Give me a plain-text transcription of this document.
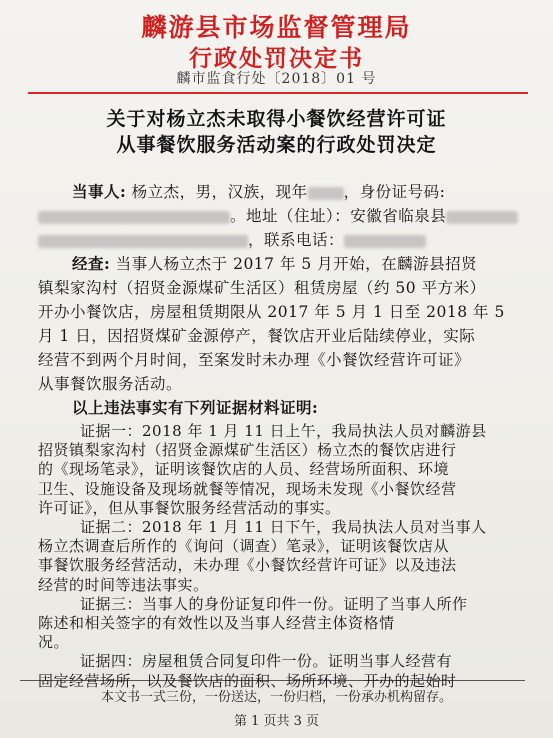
麟游县市场监督管理局
行政处罚决定书
麟市监食行处〔2018〕01 号
关于对杨立杰未取得小餐饮经营许可证
从事餐饮服务活动案的行政处罚决定
当事人: 杨立杰，男，汉族，现年 ，身份证号码:
。地址（住址）：安徽省临泉县
，联系电话：
经查: 当事人杨立杰于 2017 年 5 月开始，在麟游县招贤
镇梨家沟村（招贤金源煤矿生活区）租赁房屋（约 50 平方米）
开办小餐饮店，房屋租赁期限从 2017 年 5 月 1 日至 2018 年 5
月 1 日，因招贤煤矿金源停产，餐饮店开业后陆续停业，实际
经营不到两个月时间，至案发时未办理《小餐饮经营许可证》
从事餐饮服务活动。
以上违法事实有下列证据材料证明:
本文书一式三份，一份送达，一份归档，一份承办机构留存。
第 1 页共 3 页
证据一：2018 年 1 月 11 日上午，我局执法人员对麟游县
招贤镇梨家沟村（招贤金源煤矿生活区）杨立杰的餐饮店进行
的《现场笔录》，证明该餐饮店的人员、经营场所面积、环境
卫生、设施设备及现场就餐等情况，现场未发现《小餐饮经营
许可证》，但从事餐饮服务经营活动的事实。
证据二：2018 年 1 月 11 日下午，我局执法人员对当事人
杨立杰调查后所作的《询问（调查）笔录》，证明该餐饮店从
事餐饮服务经营活动，未办理《小餐饮经营许可证》以及违法
经营的时间等违法事实。
证据三：当事人的身份证复印件一份。证明了当事人所作
陈述和相关签字的有效性以及当事人经营主体资格情
况。
证据四：房屋租赁合同复印件一份。证明当事人经营有
固定经营场所，以及餐饮店的面积、场所环境、开办的起始时
